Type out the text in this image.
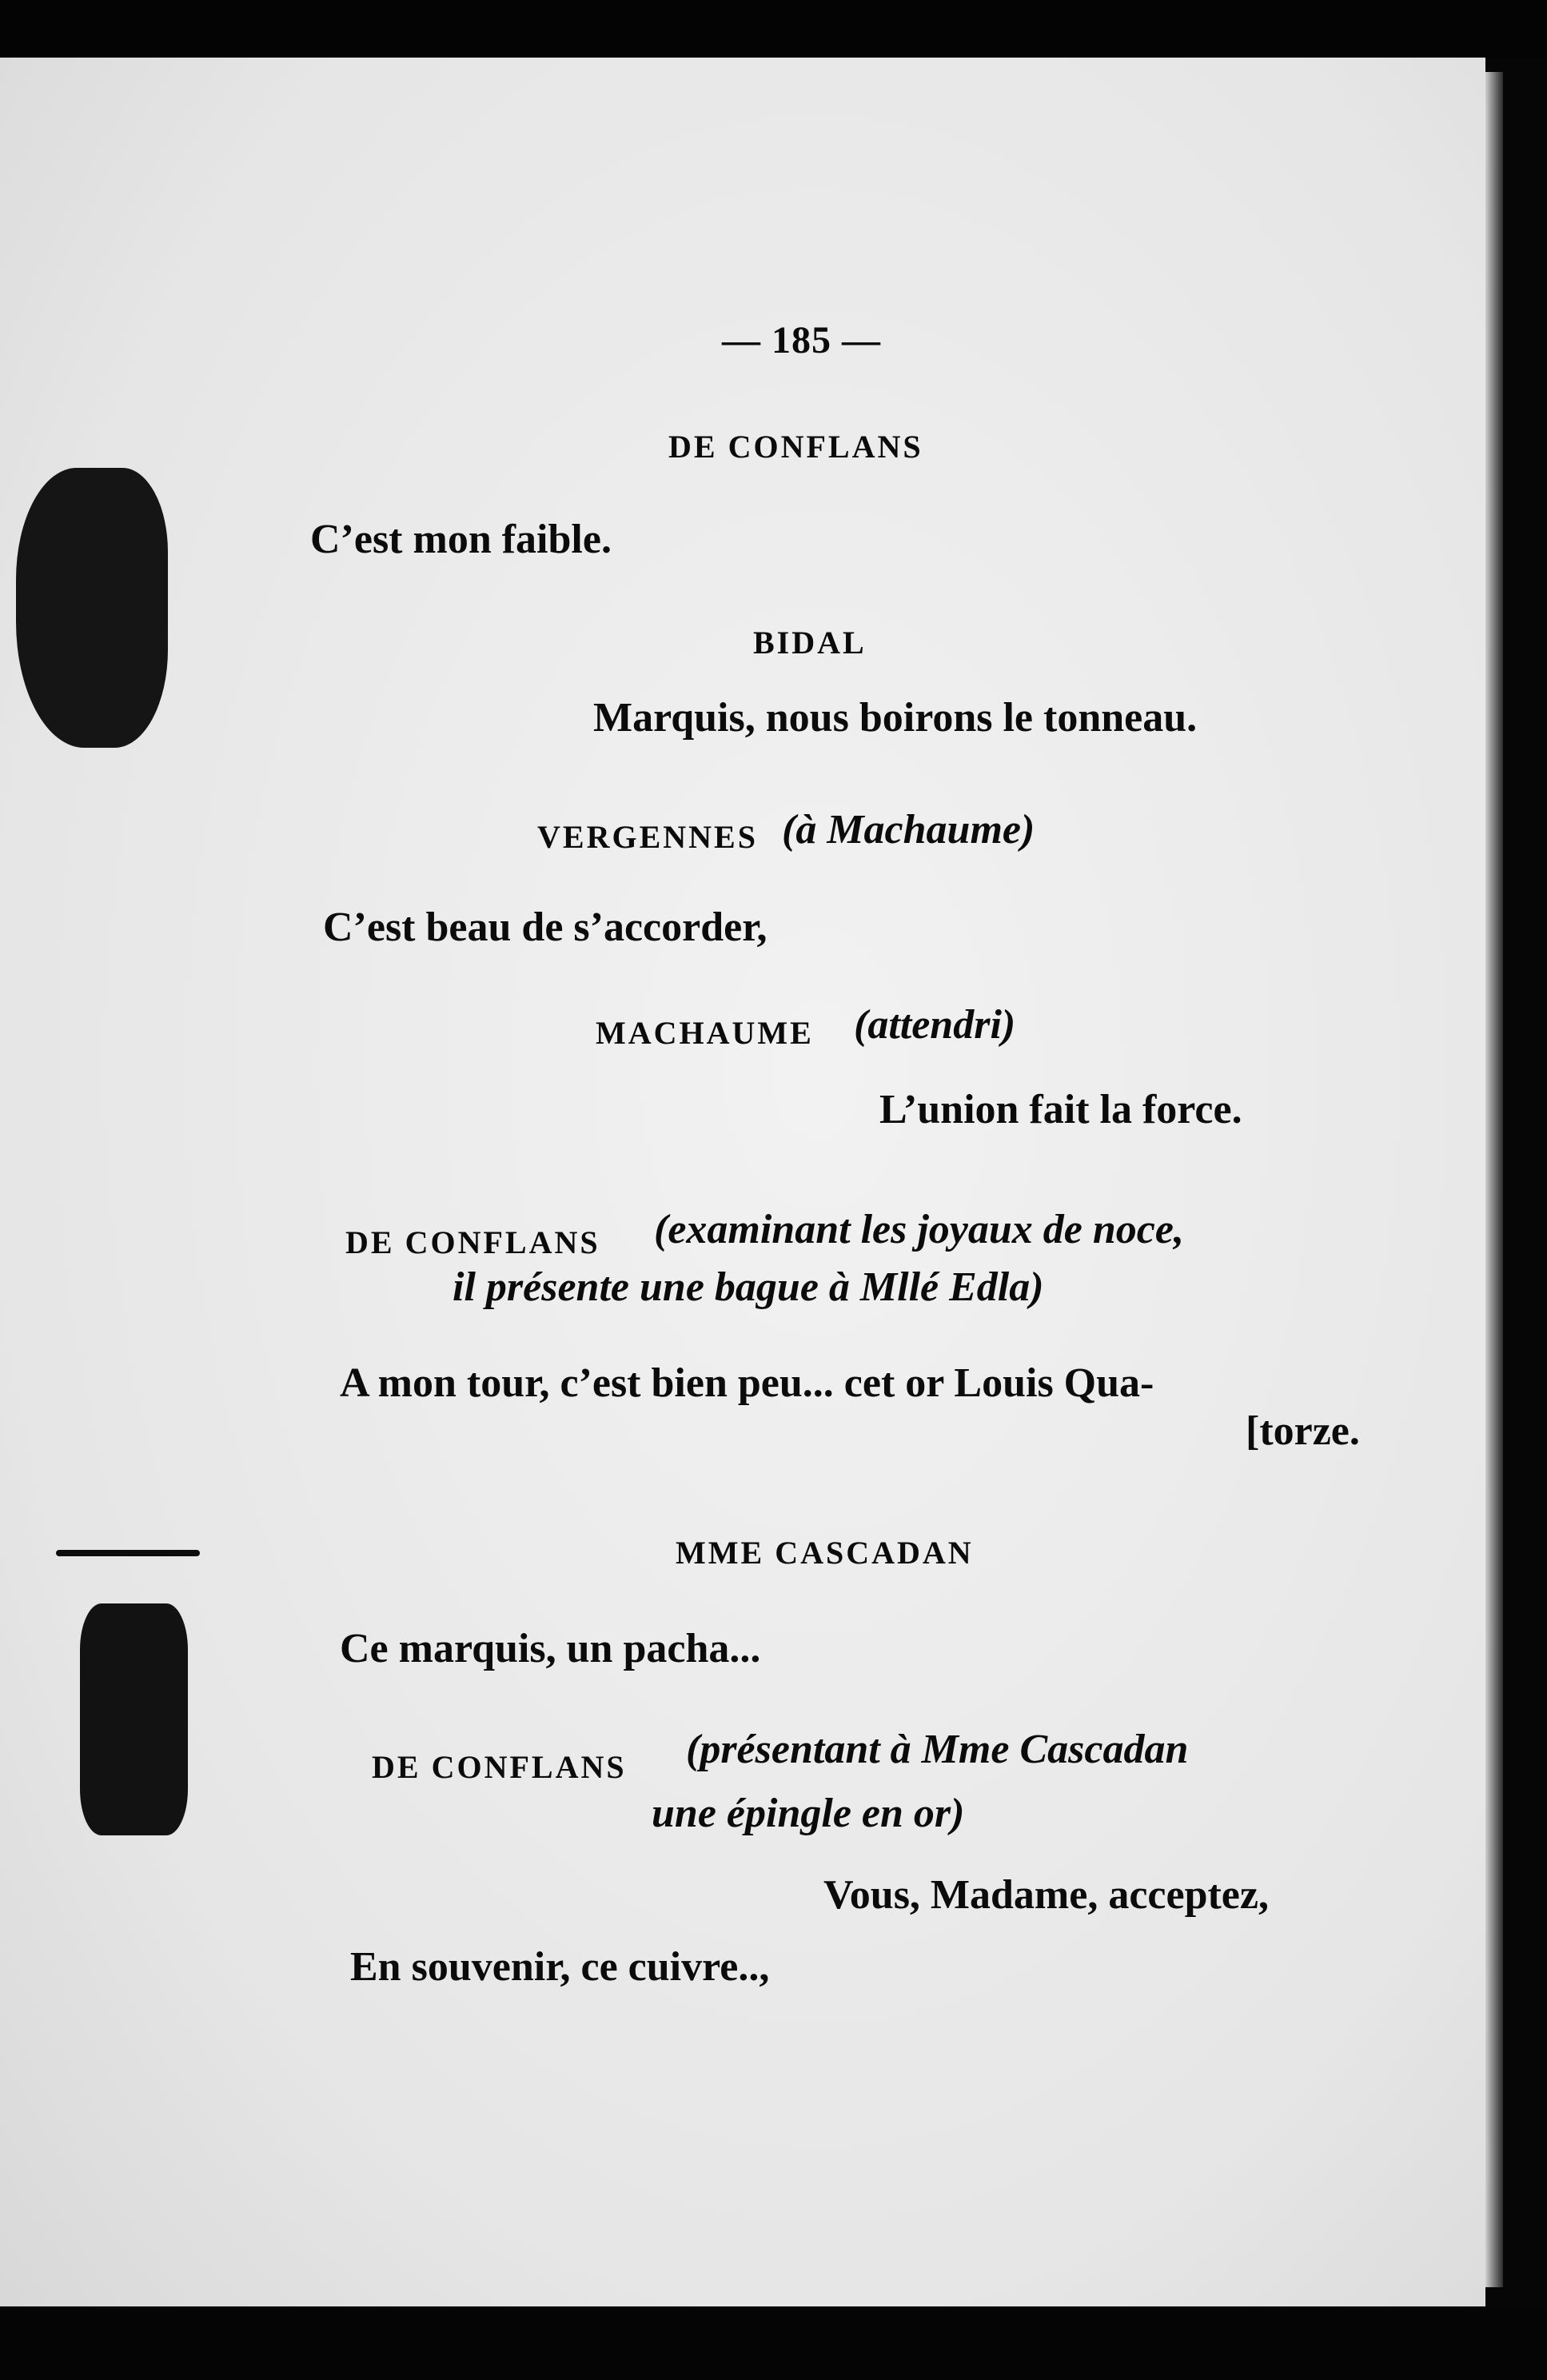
— 185 —
DE CONFLANS
C’est mon faible.
BIDAL
Marquis, nous boirons le tonneau.
VERGENNES (à Machaume)
C’est beau de s’accorder,
MACHAUME (attendri)
L’union fait la force.
DE CONFLANS (examinant les joyaux de noce,
il présente une bague à Mllé Edla)
A mon tour, c’est bien peu... cet or Louis Qua-
[torze.
MME CASCADAN
Ce marquis, un pacha...
DE CONFLANS (présentant à Mme Cascadan
une épingle en or)
Vous, Madame, acceptez,
En souvenir, ce cuivre..,
